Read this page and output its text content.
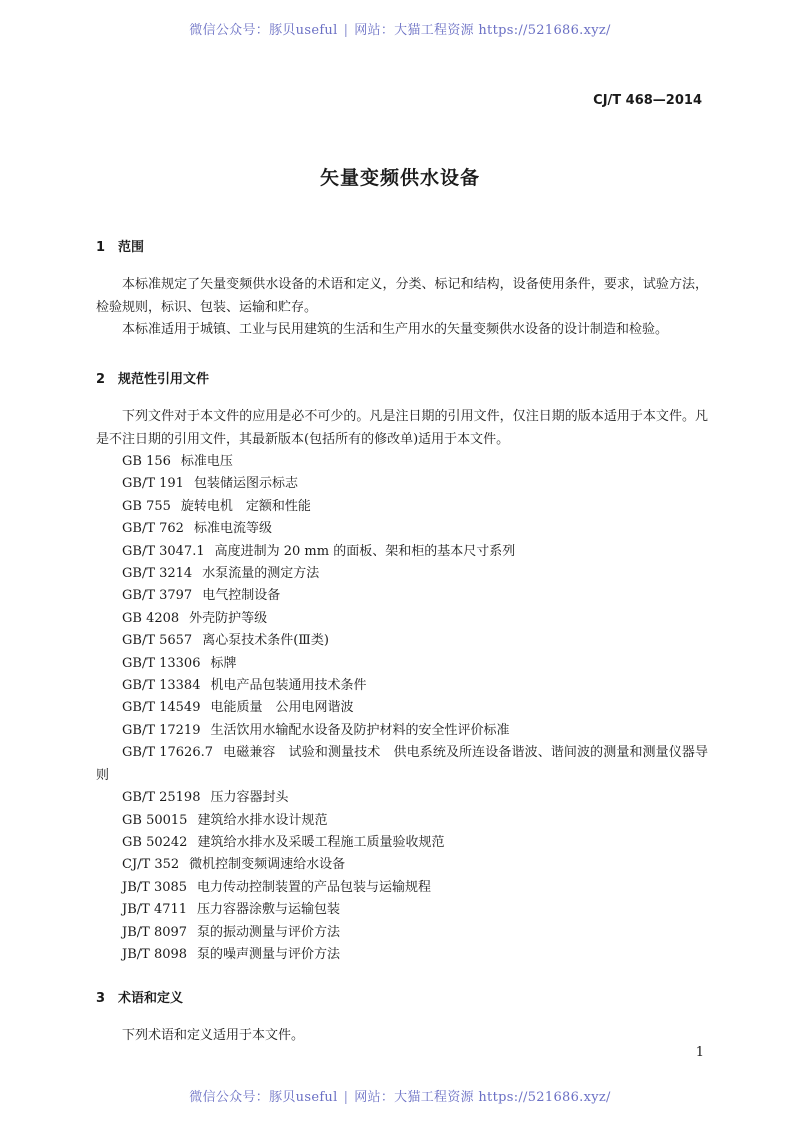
微信公众号：豚贝useful | 网站：大猫工程资源 https://521686.xyz/
CJ/T 468—2014
矢量变频供水设备
1 范围
本标准规定了矢量变频供水设备的术语和定义，分类、标记和结构，设备使用条件，要求，试验方法，检验规则，标识、包装、运输和贮存。
本标准适用于城镇、工业与民用建筑的生活和生产用水的矢量变频供水设备的设计制造和检验。
2 规范性引用文件
下列文件对于本文件的应用是必不可少的。凡是注日期的引用文件，仅注日期的版本适用于本文件。凡是不注日期的引用文件，其最新版本(包括所有的修改单)适用于本文件。
GB 156 标准电压
GB/T 191 包装储运图示标志
GB 755 旋转电机　定额和性能
GB/T 762 标准电流等级
GB/T 3047.1 高度进制为 20 mm 的面板、架和柜的基本尺寸系列
GB/T 3214 水泵流量的测定方法
GB/T 3797 电气控制设备
GB 4208 外壳防护等级
GB/T 5657 离心泵技术条件(Ⅲ类)
GB/T 13306 标牌
GB/T 13384 机电产品包装通用技术条件
GB/T 14549 电能质量　公用电网谐波
GB/T 17219 生活饮用水输配水设备及防护材料的安全性评价标准
GB/T 17626.7 电磁兼容　试验和测量技术　供电系统及所连设备谐波、谐间波的测量和测量仪器导则
GB/T 25198 压力容器封头
GB 50015 建筑给水排水设计规范
GB 50242 建筑给水排水及采暖工程施工质量验收规范
CJ/T 352 微机控制变频调速给水设备
JB/T 3085 电力传动控制装置的产品包装与运输规程
JB/T 4711 压力容器涂敷与运输包装
JB/T 8097 泵的振动测量与评价方法
JB/T 8098 泵的噪声测量与评价方法
3 术语和定义
下列术语和定义适用于本文件。
1
微信公众号：豚贝useful | 网站：大猫工程资源 https://521686.xyz/
